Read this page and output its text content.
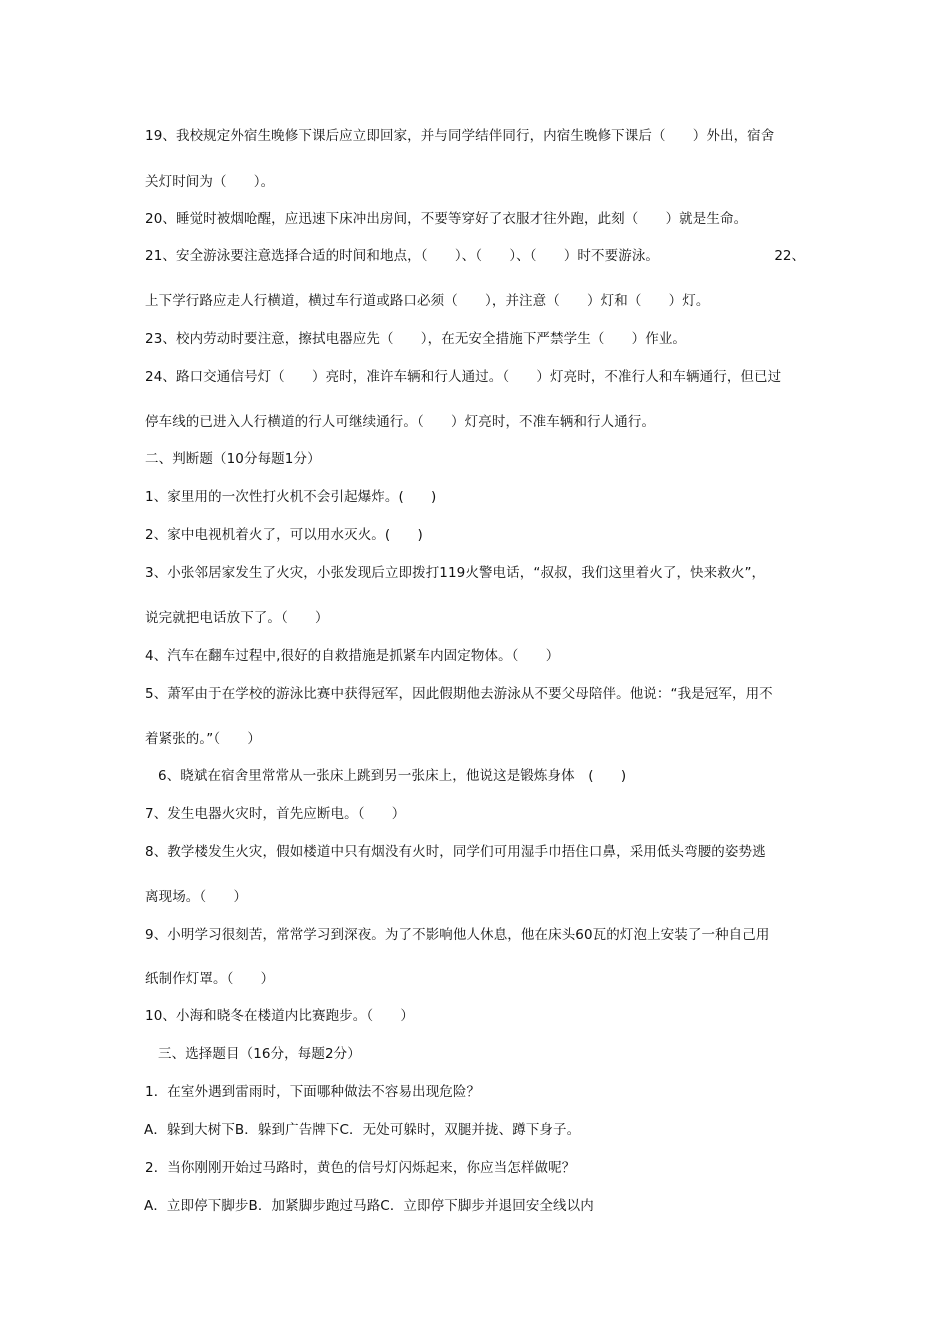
19、我校规定外宿生晚修下课后应立即回家，并与同学结伴同行，内宿生晚修下课后（　　）外出，宿舍
关灯时间为（　　）。
20、睡觉时被烟呛醒，应迅速下床冲出房间，不要等穿好了衣服才往外跑，此刻（　　）就是生命。
21、安全游泳要注意选择合适的时间和地点，（　　）、（　　）、（　　）时不要游泳。	22、
上下学行路应走人行横道，横过车行道或路口必须（　　），并注意（　　）灯和（　　）灯。
23、校内劳动时要注意，擦拭电器应先（　　），在无安全措施下严禁学生（　　）作业。
24、路口交通信号灯（　　）亮时，准许车辆和行人通过。（　　）灯亮时，不准行人和车辆通行，但已过
停车线的已进入人行横道的行人可继续通行。（　　）灯亮时，不准车辆和行人通行。
二、判断题（10分每题1分）
1、家里用的一次性打火机不会引起爆炸。(　　)
2、家中电视机着火了，可以用水灭火。(　　)
3、小张邻居家发生了火灾，小张发现后立即拨打119火警电话，“叔叔，我们这里着火了，快来救火”，
说完就把电话放下了。（　　）
4、汽车在翻车过程中,很好的自救措施是抓紧车内固定物体。（　　）
5、萧军由于在学校的游泳比赛中获得冠军，因此假期他去游泳从不要父母陪伴。他说：“我是冠军，用不
着紧张的。”（　　）
6、晓斌在宿舍里常常从一张床上跳到另一张床上，他说这是锻炼身体　(　　)
7、发生电器火灾时，首先应断电。（　　）
8、教学楼发生火灾，假如楼道中只有烟没有火时，同学们可用湿手巾捂住口鼻，采用低头弯腰的姿势逃
离现场。（　　）
9、小明学习很刻苦，常常学习到深夜。为了不影响他人休息，他在床头60瓦的灯泡上安装了一种自己用
纸制作灯罩。（　　）
10、小海和晓冬在楼道内比赛跑步。（　　）
三、选择题目（16分，每题2分）
1．在室外遇到雷雨时，下面哪种做法不容易出现危险？
A．躲到大树下B．躲到广告牌下C．无处可躲时，双腿并拢、蹲下身子。
2．当你刚刚开始过马路时，黄色的信号灯闪烁起来，你应当怎样做呢？
A．立即停下脚步B．加紧脚步跑过马路C．立即停下脚步并退回安全线以内
